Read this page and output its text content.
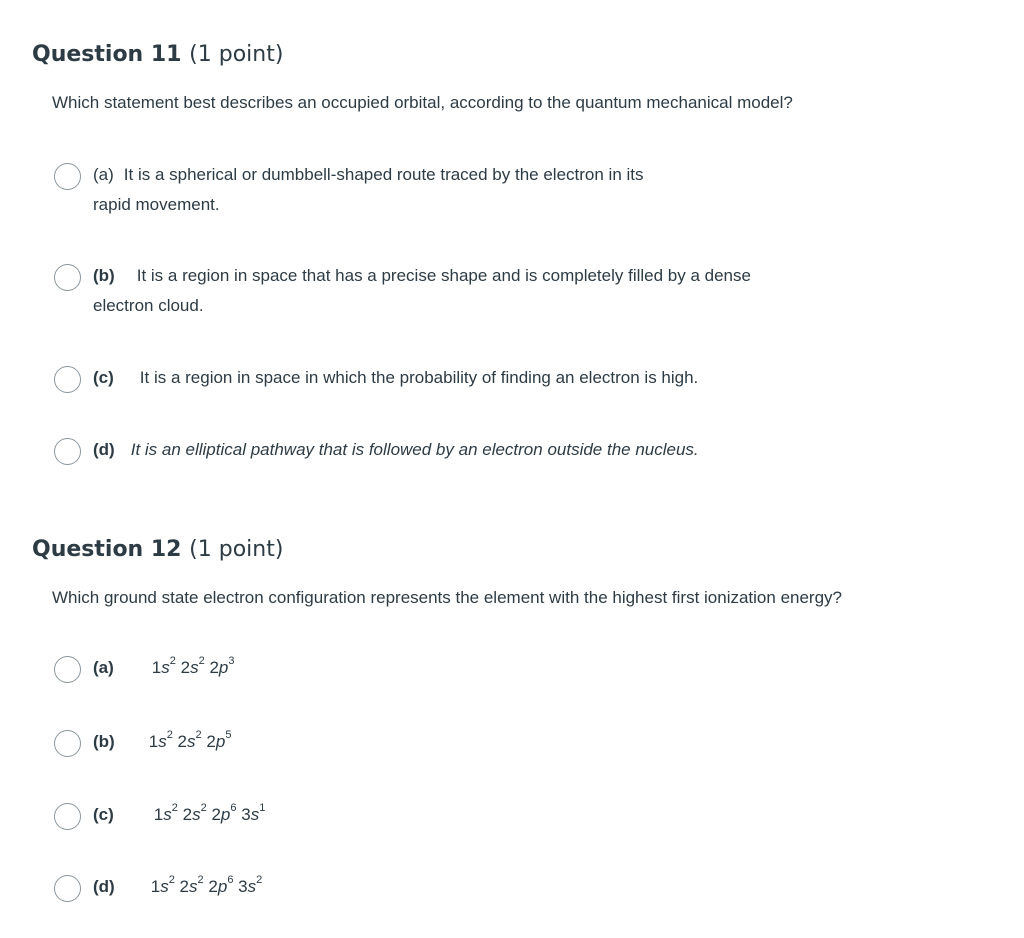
Question 11 (1 point)
Which statement best describes an occupied orbital, according to the quantum mechanical model?
(a) It is a spherical or dumbbell-shaped route traced by the electron in its
rapid movement.
(b) It is a region in space that has a precise shape and is completely filled by a dense
electron cloud.
(c) It is a region in space in which the probability of finding an electron is high.
(d) It is an elliptical pathway that is followed by an electron outside the nucleus.
Question 12 (1 point)
Which ground state electron configuration represents the element with the highest first ionization energy?
(a) $1s^2$ $2s^2$ $2p^3$
(b) $1s^2$ $2s^2$ $2p^5$
(c) $1s^2$ $2s^2$ $2p^6$ $3s^1$
(d) $1s^2$ $2s^2$ $2p^6$ $3s^2$
